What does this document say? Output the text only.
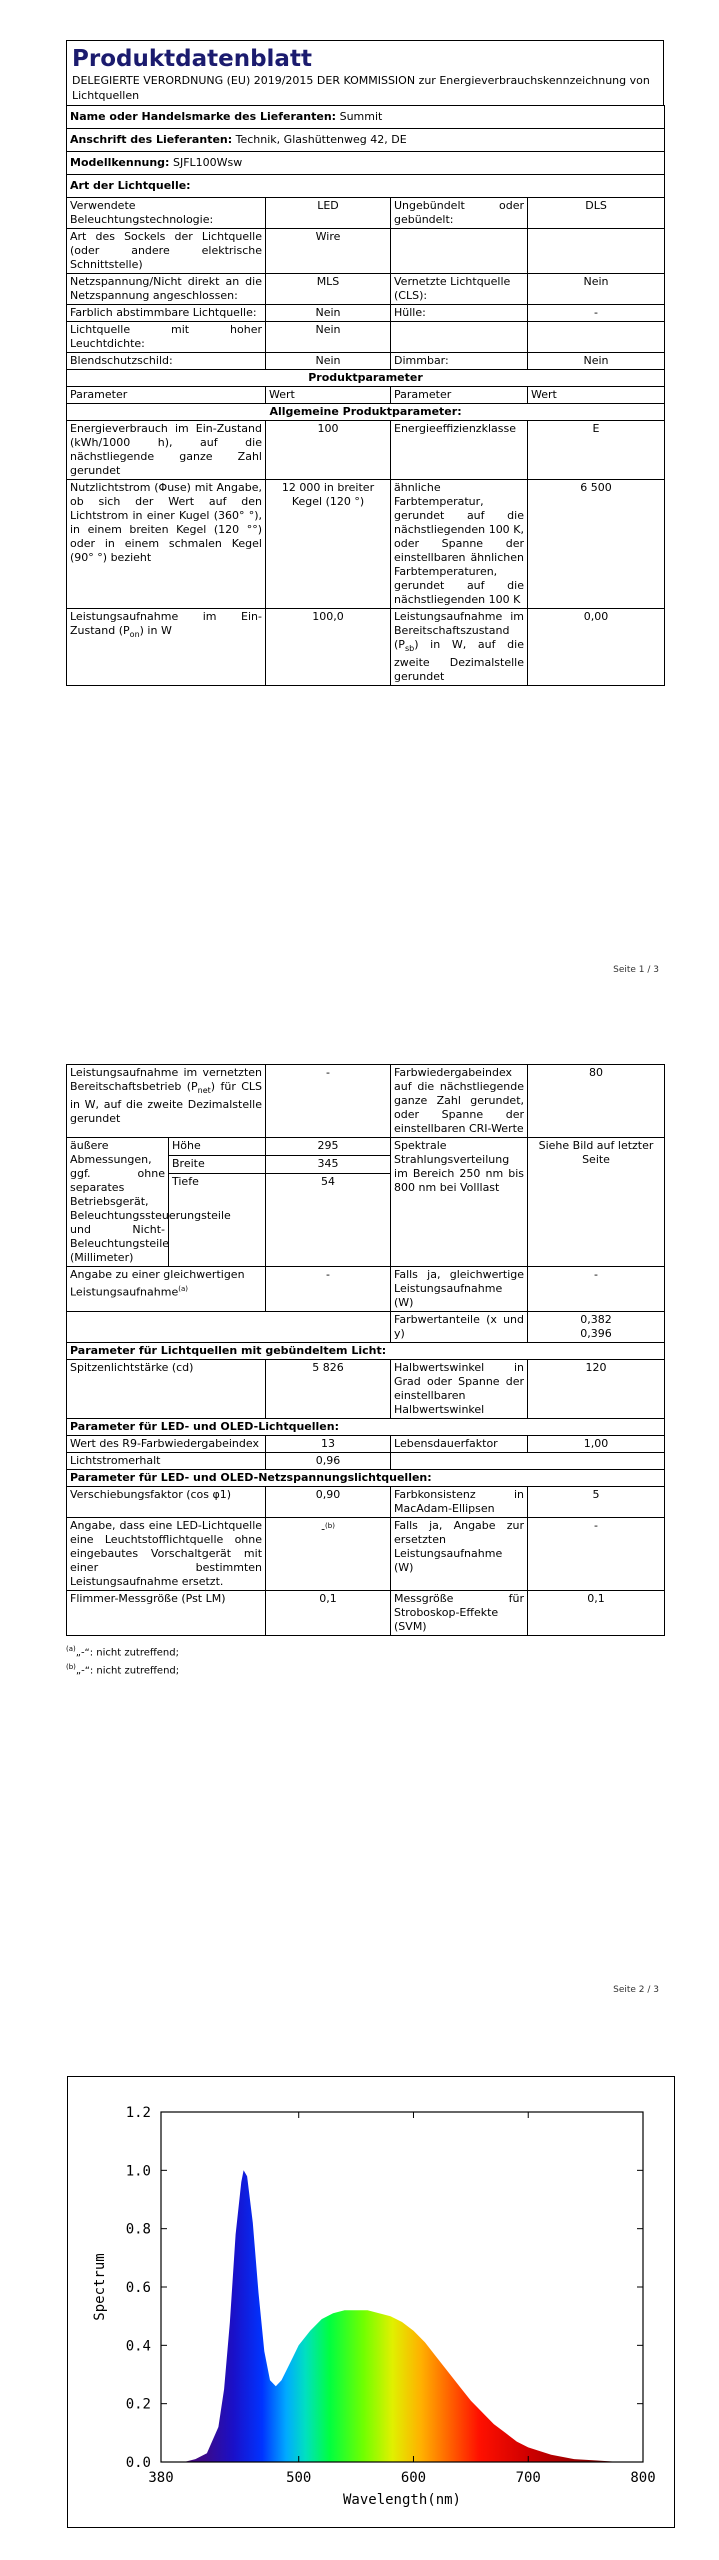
Produktdatenblatt
DELEGIERTE VERORDNUNG (EU) 2019/2015 DER KOMMISSION zur Energieverbrauchskennzeichnung von Lichtquellen
Name oder Handelsmarke des Lieferanten: Summit			
Anschrift des Lieferanten: Technik, Glashüttenweg 42, DE			
Modellkennung: SJFL100Wsw			
Art der Lichtquelle:			
Verwendete Beleuchtungstechnologie:	LED	Ungebündelt oder gebündelt:	DLS
Art des Sockels der Lichtquelle (oder andere elektrische Schnittstelle)	Wire		
Netzspannung/Nicht direkt an die Netzspannung angeschlossen:	MLS	Vernetzte Lichtquelle (CLS):	Nein
Farblich abstimmbare Lichtquelle:	Nein	Hülle:	-
Lichtquelle mit hoher Leuchtdichte:	Nein		
Blendschutzschild:	Nein	Dimmbar:	Nein
Produktparameter			
Parameter	Wert	Parameter	Wert
Allgemeine Produktparameter:			
Energieverbrauch im Ein-Zustand (kWh/1000 h), auf die nächstliegende ganze Zahl gerundet	100	Energieeffizienzklasse	E
Nutzlichtstrom (Φuse) mit Angabe, ob sich der Wert auf den Lichtstrom in einer Kugel (360° °), in einem breiten Kegel (120 °°) oder in einem schmalen Kegel (90° °) bezieht	12 000 in breiter Kegel (120 °)	ähnliche Farbtemperatur, gerundet auf die nächstliegenden 100 K, oder Spanne der einstellbaren ähnlichen Farbtemperaturen, gerundet auf die nächstliegenden 100 K	6 500
Leistungsaufnahme im Ein-Zustand $(P_{on})$ in W	100,0	Leistungsaufnahme im Bereitschaftszustand $(P_{sb})$ in W, auf die zweite Dezimalstelle gerundet	0,00
Seite 1 / 3
Leistungsaufnahme im vernetzten Bereitschaftsbetrieb $(P_{net})$ für CLS in W, auf die zweite Dezimalstelle gerundet		-	Farbwiedergabeindex auf die nächstliegende ganze Zahl gerundet, oder Spanne der einstellbaren CRI-Werte	80
äußere Abmessungen, ggf. ohne separates Betriebsgerät, Beleuchtungssteuerungsteile und Nicht-Beleuchtungsteile (Millimeter)	Höhe	295	Spektrale Strahlungsverteilung im Bereich 250 nm bis 800 nm bei Volllast	Siehe Bild auf letzter Seite
	Breite	345		
	Tiefe	54		
Angabe zu einer gleichwertigen Leistungsaufnahme$^{(a)}$		-	Falls ja, gleichwertige Leistungsaufnahme (W)	-
			Farbwertanteile (x und y)	0,382
0,396

Parameter für Lichtquellen mit gebündeltem Licht:				
Spitzenlichtstärke (cd)		5 826	Halbwertswinkel in Grad oder Spanne der einstellbaren Halbwertswinkel	120
Parameter für LED- und OLED-Lichtquellen:				
Wert des R9-Farbwiedergabeindex		13	Lebensdauerfaktor	1,00
Lichtstromerhalt		0,96		
Parameter für LED- und OLED-Netzspannungslichtquellen:				
Verschiebungsfaktor (cos φ1)		0,90	Farbkonsistenz in MacAdam-Ellipsen	5
Angabe, dass eine LED-Lichtquelle eine Leuchtstofflichtquelle ohne eingebautes Vorschaltgerät mit einer bestimmten Leistungsaufnahme ersetzt.		-$^{(b)}$	Falls ja, Angabe zur ersetzten Leistungsaufnahme (W)	-
Flimmer-Messgröße (Pst LM)		0,1	Messgröße für Stroboskop-Effekte (SVM)	0,1
$^{(a)}$„-“: nicht zutreffend;
$^{(b)}$„-“: nicht zutreffend;
Seite 2 / 3
0.0
0.2
0.4
0.6
0.8
1.0
1.2
380	500	600	700	800
Wavelength(nm)
Spectrum
